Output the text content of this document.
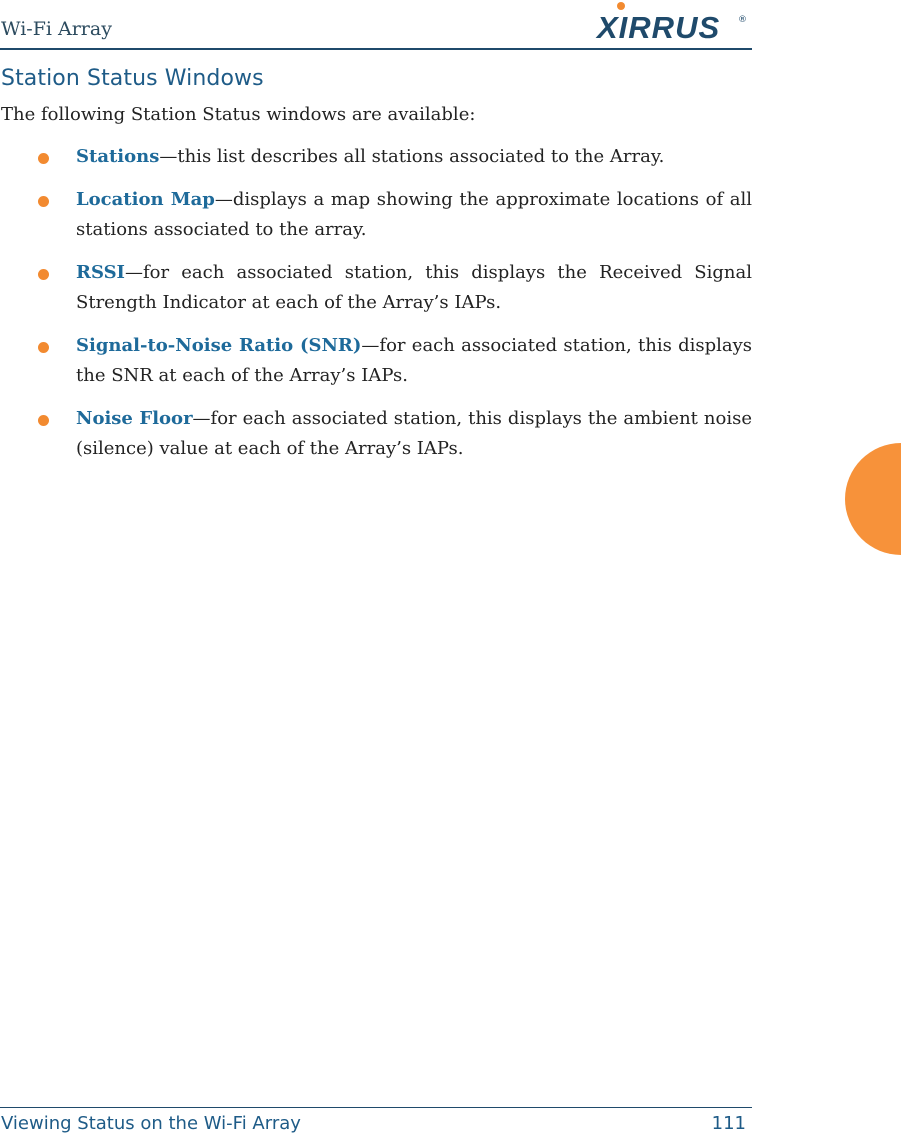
Wi-Fi Array	XIRRUS ®
Station Status Windows

The following Station Status windows are available:

Stations—this list describes all stations associated to the Array.
Location Map—displays a map showing the approximate locations of all stations associated to the array.
RSSI—for each associated station, this displays the Received Signal Strength Indicator at each of the Array’s IAPs.
Signal-to-Noise Ratio (SNR)—for each associated station, this displays the SNR at each of the Array’s IAPs.
Noise Floor—for each associated station, this displays the ambient noise (silence) value at each of the Array’s IAPs.
Viewing Status on the Wi-Fi Array	111
